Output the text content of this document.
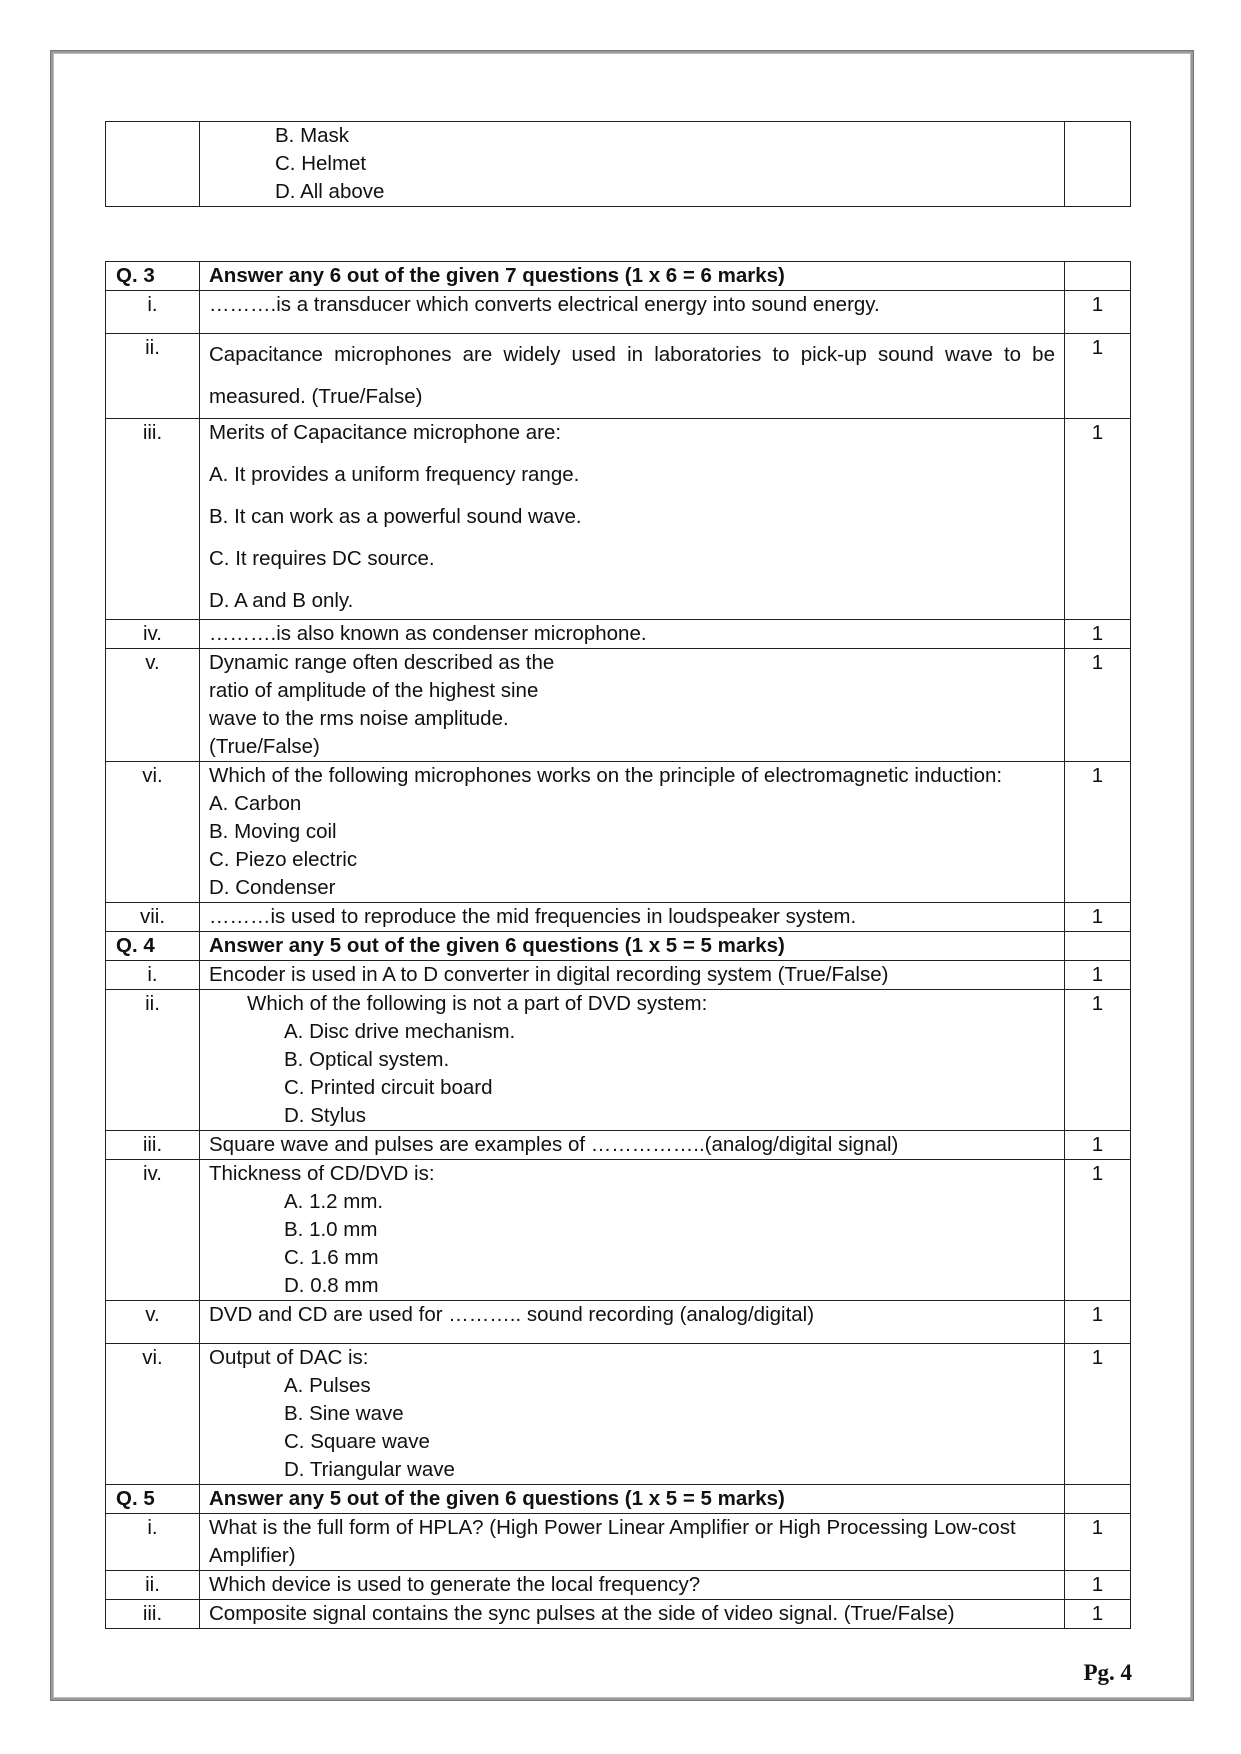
B. Mask
C. Helmet
D. All above

Q. 3	Answer any 6 out of the given 7 questions (1 x 6 = 6 marks)	
i.	……….is a transducer which converts electrical energy into sound energy.	1
ii.	Capacitance microphones are widely used in laboratories to pick-up sound wave to be measured. (True/False)	1
iii.	Merits of Capacitance microphone are:

A. It provides a uniform frequency range.

B. It can work as a powerful sound wave.

C. It requires DC source.

D. A and B only.	1
iv.	……….is also known as condenser microphone.	1
v.	Dynamic range often described as the
ratio of amplitude of the highest sine
wave to the rms noise amplitude.
(True/False)	1
vi.	Which of the following microphones works on the principle of electromagnetic induction:
A. Carbon
B. Moving coil
C. Piezo electric
D. Condenser	1
vii.	………is used to reproduce the mid frequencies in loudspeaker system.	1
Q. 4	Answer any 5 out of the given 6 questions (1 x 5 = 5 marks)	
i.	Encoder is used in A to D converter in digital recording system (True/False)	1
ii.	Which of the following is not a part of DVD system:
A. Disc drive mechanism.
B. Optical system.
C. Printed circuit board
D. Stylus	1
iii.	Square wave and pulses are examples of ……………..(analog/digital signal)	1
iv.	Thickness of CD/DVD is:
A. 1.2 mm.
B. 1.0 mm
C. 1.6 mm
D. 0.8 mm	1
v.	DVD and CD are used for ……….. sound recording (analog/digital)	1
vi.	Output of DAC is:
A. Pulses
B. Sine wave
C. Square wave
D. Triangular wave	1
Q. 5	Answer any 5 out of the given 6 questions (1 x 5 = 5 marks)	
i.	What is the full form of HPLA? (High Power Linear Amplifier or High Processing Low-cost Amplifier)	1
ii.	Which device is used to generate the local frequency?	1
iii.	Composite signal contains the sync pulses at the side of video signal. (True/False)	1
Pg. 4
